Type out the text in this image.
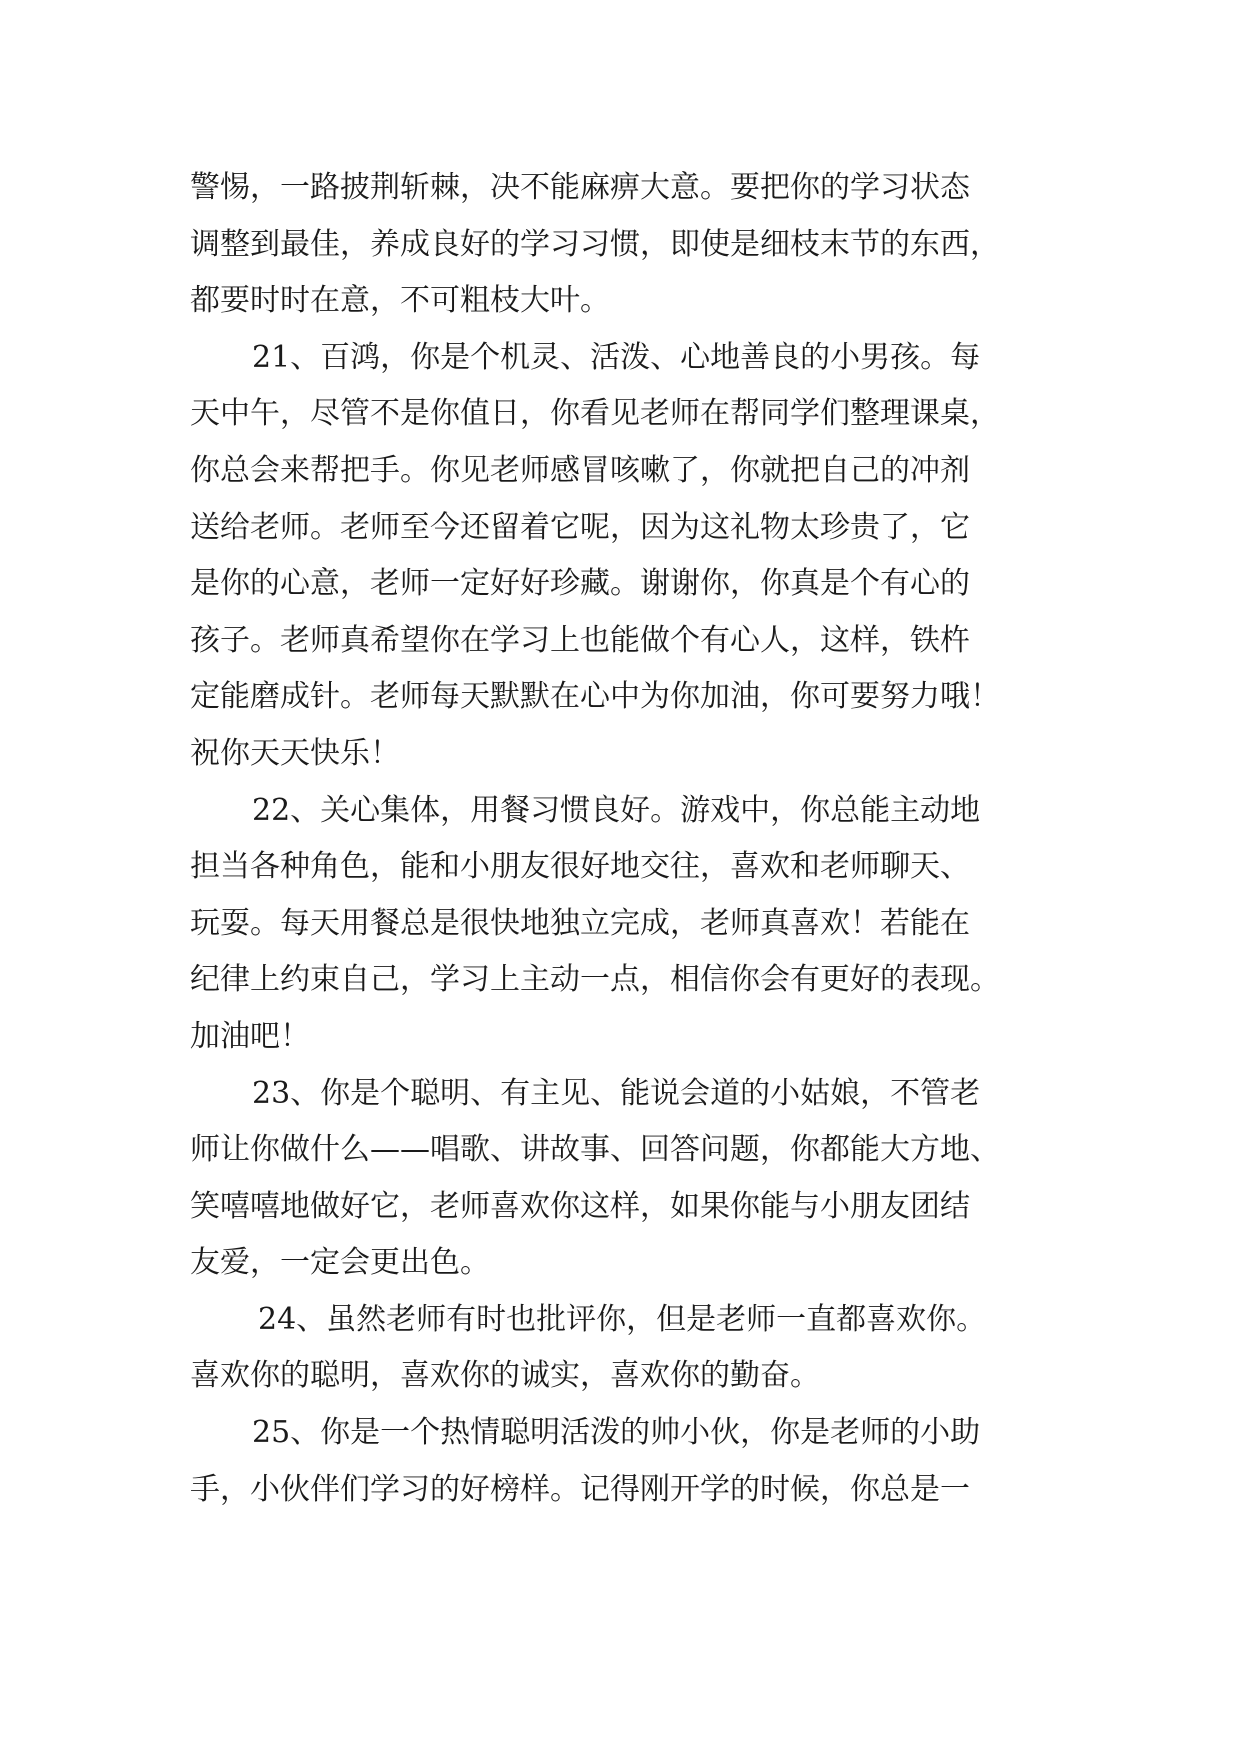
警惕，一路披荆斩棘，决不能麻痹大意。要把你的学习状态
调整到最佳，养成良好的学习习惯，即使是细枝末节的东西，
都要时时在意，不可粗枝大叶。
21、百鸿，你是个机灵、活泼、心地善良的小男孩。每
天中午，尽管不是你值日，你看见老师在帮同学们整理课桌，
你总会来帮把手。你见老师感冒咳嗽了，你就把自己的冲剂
送给老师。老师至今还留着它呢，因为这礼物太珍贵了，它
是你的心意，老师一定好好珍藏。谢谢你，你真是个有心的
孩子。老师真希望你在学习上也能做个有心人，这样，铁杵
定能磨成针。老师每天默默在心中为你加油，你可要努力哦！
祝你天天快乐！
22、关心集体，用餐习惯良好。游戏中，你总能主动地
担当各种角色，能和小朋友很好地交往，喜欢和老师聊天、
玩耍。每天用餐总是很快地独立完成，老师真喜欢！若能在
纪律上约束自己，学习上主动一点，相信你会有更好的表现。
加油吧！
23、你是个聪明、有主见、能说会道的小姑娘，不管老
师让你做什么——唱歌、讲故事、回答问题，你都能大方地、
笑嘻嘻地做好它，老师喜欢你这样，如果你能与小朋友团结
友爱，一定会更出色。
24、虽然老师有时也批评你，但是老师一直都喜欢你。
喜欢你的聪明，喜欢你的诚实，喜欢你的勤奋。
25、你是一个热情聪明活泼的帅小伙，你是老师的小助
手，小伙伴们学习的好榜样。记得刚开学的时候，你总是一
